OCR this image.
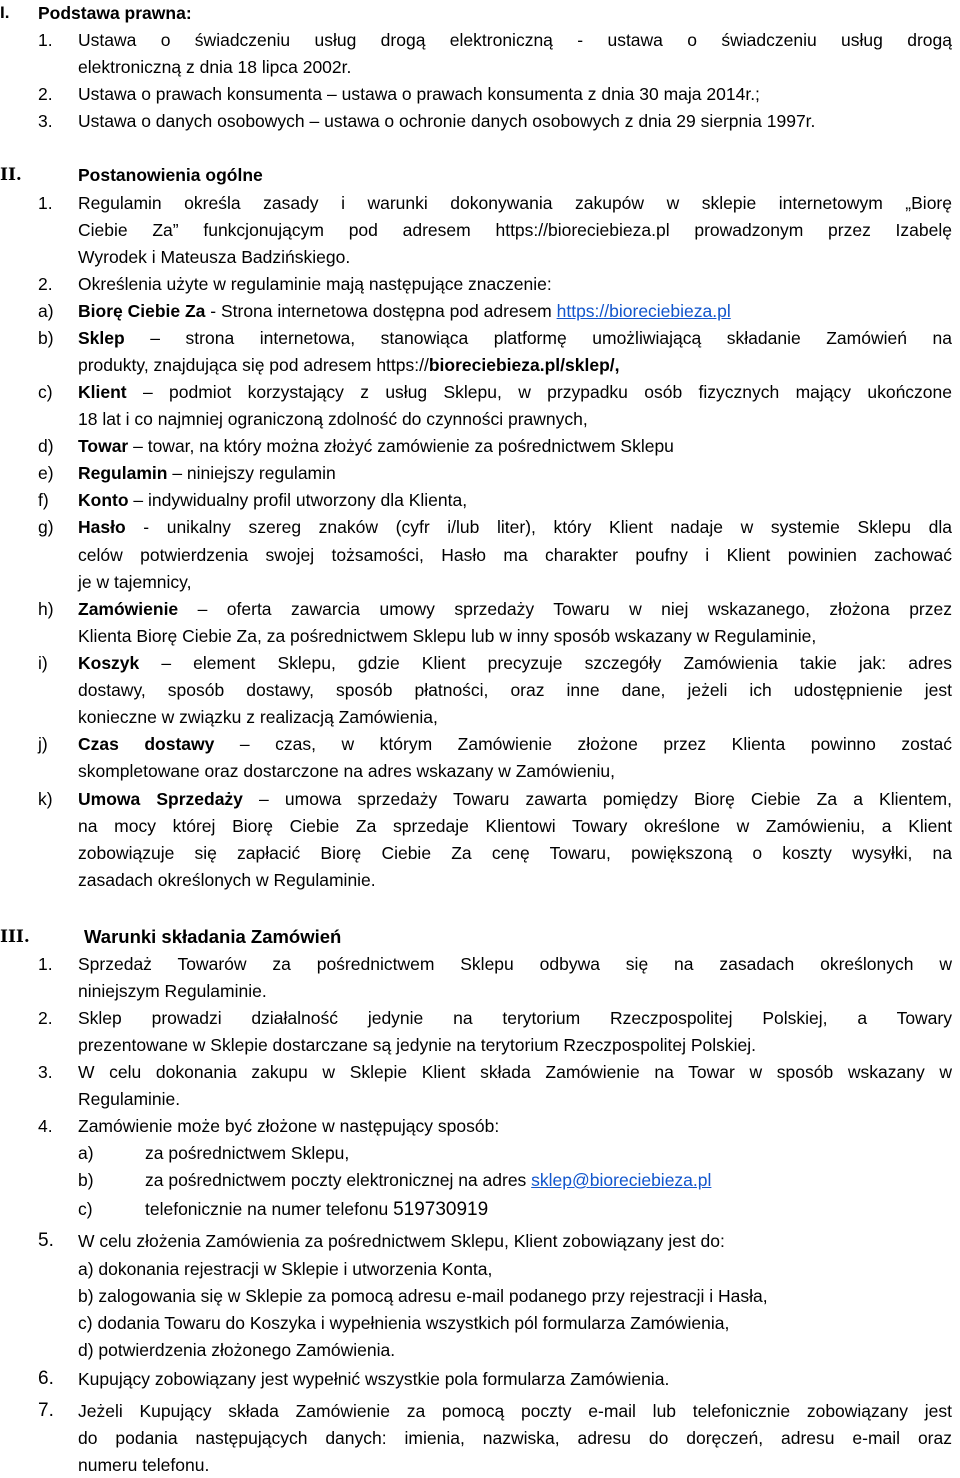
I. Podstawa prawna:
1. Ustawa o świadczeniu usług drogą elektroniczną - ustawa o świadczeniu usług drogą
elektroniczną z dnia 18 lipca 2002r.
2. Ustawa o prawach konsumenta – ustawa o prawach konsumenta z dnia 30 maja 2014r.;
3. Ustawa o danych osobowych – ustawa o ochronie danych osobowych z dnia 29 sierpnia 1997r.
II.	Postanowienia ogólne
1. Regulamin określa zasady i warunki dokonywania zakupów w sklepie internetowym „Biorę
Ciebie Za” funkcjonującym pod adresem https://bioreciebieza.pl prowadzonym przez Izabelę
Wyrodek i Mateusza Badzińskiego.
2. Określenia użyte w regulaminie mają następujące znaczenie:
a) Biorę Ciebie Za - Strona internetowa dostępna pod adresem https://bioreciebieza.pl
b) Sklep – strona internetowa, stanowiąca platformę umożliwiającą składanie Zamówień na
produkty, znajdująca się pod adresem https://bioreciebieza.pl/sklep/,
c) Klient – podmiot korzystający z usług Sklepu, w przypadku osób fizycznych mający ukończone
18 lat i co najmniej ograniczoną zdolność do czynności prawnych,
d) Towar – towar, na który można złożyć zamówienie za pośrednictwem Sklepu
e) Regulamin – niniejszy regulamin
f) Konto – indywidualny profil utworzony dla Klienta,
g) Hasło - unikalny szereg znaków (cyfr i/lub liter), który Klient nadaje w systemie Sklepu dla
celów potwierdzenia swojej tożsamości, Hasło ma charakter poufny i Klient powinien zachować
je w tajemnicy,
h) Zamówienie – oferta zawarcia umowy sprzedaży Towaru w niej wskazanego, złożona przez
Klienta Biorę Ciebie Za, za pośrednictwem Sklepu lub w inny sposób wskazany w Regulaminie,
i) Koszyk – element Sklepu, gdzie Klient precyzuje szczegóły Zamówienia takie jak: adres
dostawy, sposób dostawy, sposób płatności, oraz inne dane, jeżeli ich udostępnienie jest
konieczne w związku z realizacją Zamówienia,
j) Czas dostawy – czas, w którym Zamówienie złożone przez Klienta powinno zostać
skompletowane oraz dostarczone na adres wskazany w Zamówieniu,
k) Umowa Sprzedaży – umowa sprzedaży Towaru zawarta pomiędzy Biorę Ciebie Za a Klientem,
na mocy której Biorę Ciebie Za sprzedaje Klientowi Towary określone w Zamówieniu, a Klient
zobowiązuje się zapłacić Biorę Ciebie Za cenę Towaru, powiększoną o koszty wysyłki, na
zasadach określonych w Regulaminie.
III.	Warunki składania Zamówień
1. Sprzedaż Towarów za pośrednictwem Sklepu odbywa się na zasadach określonych w
niniejszym Regulaminie.
2. Sklep prowadzi działalność jedynie na terytorium Rzeczpospolitej Polskiej, a Towary
prezentowane w Sklepie dostarczane są jedynie na terytorium Rzeczpospolitej Polskiej.
3. W celu dokonania zakupu w Sklepie Klient składa Zamówienie na Towar w sposób wskazany w
Regulaminie.
4. Zamówienie może być złożone w następujący sposób:
a)	za pośrednictwem Sklepu,
b)	za pośrednictwem poczty elektronicznej na adres sklep@bioreciebieza.pl
c)	telefonicznie na numer telefonu 519730919
5. W celu złożenia Zamówienia za pośrednictwem Sklepu, Klient zobowiązany jest do:
a) dokonania rejestracji w Sklepie i utworzenia Konta,
b) zalogowania się w Sklepie za pomocą adresu e-mail podanego przy rejestracji i Hasła,
c) dodania Towaru do Koszyka i wypełnienia wszystkich pól formularza Zamówienia,
d) potwierdzenia złożonego Zamówienia.
6. Kupujący zobowiązany jest wypełnić wszystkie pola formularza Zamówienia.
7. Jeżeli Kupujący składa Zamówienie za pomocą poczty e-mail lub telefonicznie zobowiązany jest
do podania następujących danych: imienia, nazwiska, adresu do doręczeń, adresu e-mail oraz
numeru telefonu.
